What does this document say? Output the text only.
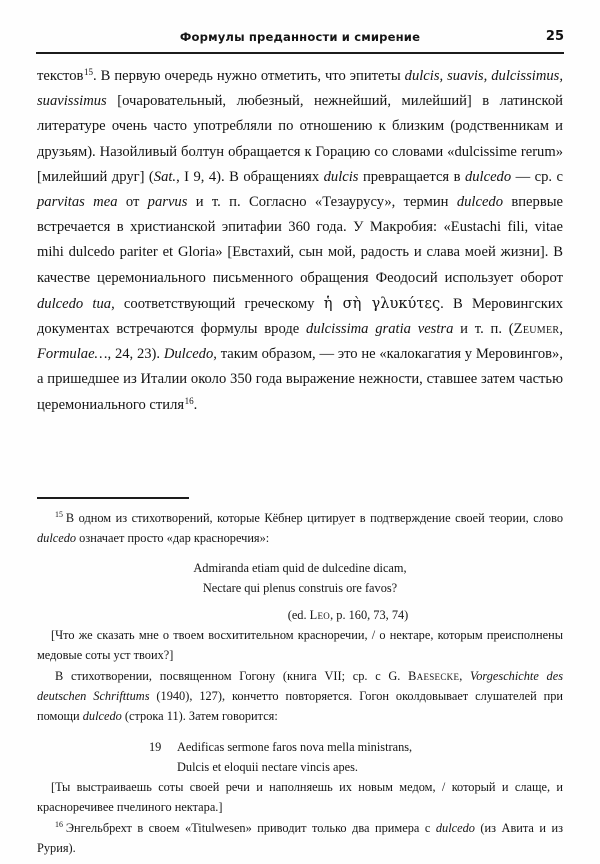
Формулы преданности и смирение	25

текстов$^{15}$. В первую очередь нужно отметить, что эпитеты dulcis, suavis, dulcissimus, suavissimus [очаровательный, любезный, нежнейший, милейший] в латинской литературе очень часто употребляли по отношению к близким (родственникам и друзьям). Назойливый болтун обращается к Горацию со словами «dulcissime rerum» [милейший друг] (Sat., I 9, 4). В обращениях dulcis превращается в dulcedo — ср. с parvitas mea от parvus и т. п. Согласно «Тезаурусу», термин dulcedo впервые встречается в христианской эпитафии 360 года. У Макробия: «Eustachi fili, vitae mihi dulcedo pariter et Gloria» [Евстахий, сын мой, радость и слава моей жизни]. В качестве церемониального письменного обращения Феодосий использует оборот dulcedo tua, соответствующий греческому ἡ σὴ γλυκύτες. В Меровингских документах встречаются формулы вроде dulcissima gratia vestra и т. п. (Zeumer, Formulae…, 24, 23). Dulcedo, таким образом, — это не «калокагатия у Меровингов», а пришедшее из Италии около 350 года выражение нежности, ставшее затем частью церемониального стиля$^{16}$.

$^{15}$ В одном из стихотворений, которые Кёбнер цитирует в подтверждение своей теории, слово dulcedo означает просто «дар красноречия»:

Admiranda etiam quid de dulcedine dicam,
Nectare qui plenus construis ore favos?
(ed. Leo, p. 160, 73, 74)

[Что же сказать мне о твоем восхитительном красноречии, / о нектаре, которым преисполнены медовые соты уст твоих?]

В стихотворении, посвященном Гогону (книга VII; ср. с G. Baesecke, Vorgeschichte des deutschen Schrifttums (1940), 127), кончетто повторяется. Гогон околдовывает слушателей при помощи dulcedo (строка 11). Затем говорится:

19 Aedificas sermone faros nova mella ministrans,
Dulcis et eloquii nectare vincis apes.

[Ты выстраиваешь соты своей речи и наполняешь их новым медом, / который и слаще, и красноречивее пчелиного нектара.]

$^{16}$ Энгельбрехт в своем «Titulwesen» приводит только два примера с dulcedo (из Авита и из Рурия).
